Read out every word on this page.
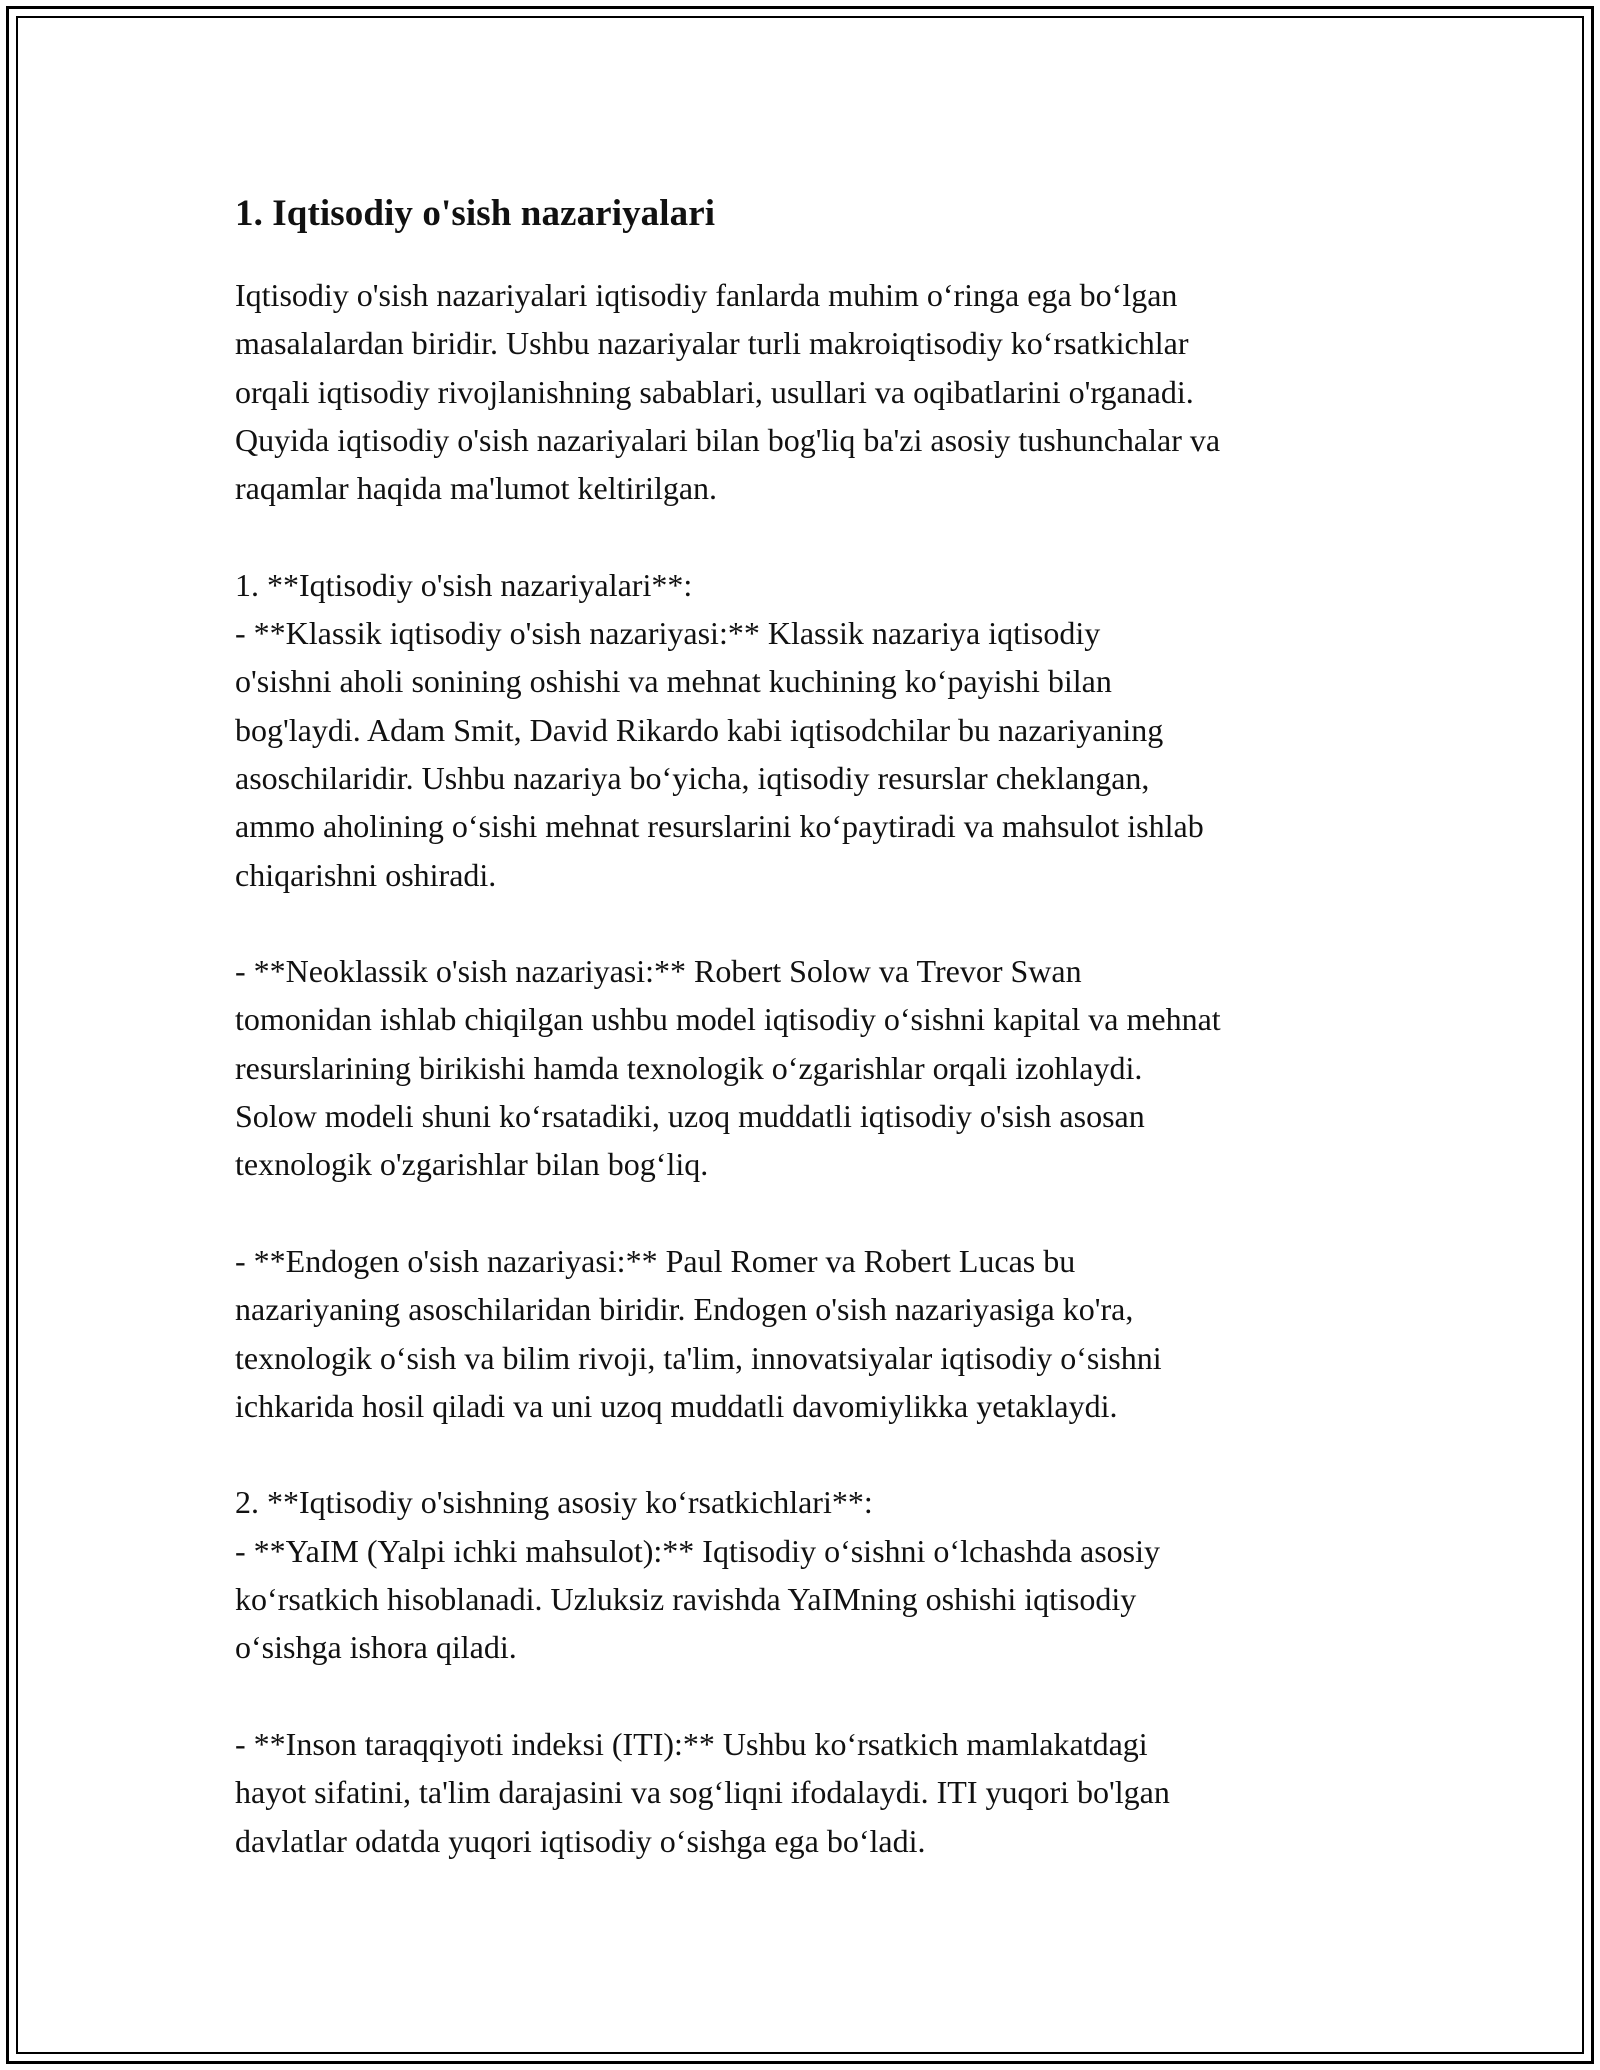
1. Iqtisodiy o'sish nazariyalari

Iqtisodiy o'sish nazariyalari iqtisodiy fanlarda muhim o‘ringa ega bo‘lgan
masalalardan biridir. Ushbu nazariyalar turli makroiqtisodiy ko‘rsatkichlar
orqali iqtisodiy rivojlanishning sabablari, usullari va oqibatlarini o'rganadi.
Quyida iqtisodiy o'sish nazariyalari bilan bog'liq ba'zi asosiy tushunchalar va
raqamlar haqida ma'lumot keltirilgan.

1. **Iqtisodiy o'sish nazariyalari**:
- **Klassik iqtisodiy o'sish nazariyasi:** Klassik nazariya iqtisodiy
o'sishni aholi sonining oshishi va mehnat kuchining ko‘payishi bilan
bog'laydi. Adam Smit, David Rikardo kabi iqtisodchilar bu nazariyaning
asoschilaridir. Ushbu nazariya bo‘yicha, iqtisodiy resurslar cheklangan,
ammo aholining o‘sishi mehnat resurslarini ko‘paytiradi va mahsulot ishlab
chiqarishni oshiradi.

- **Neoklassik o'sish nazariyasi:** Robert Solow va Trevor Swan
tomonidan ishlab chiqilgan ushbu model iqtisodiy o‘sishni kapital va mehnat
resurslarining birikishi hamda texnologik o‘zgarishlar orqali izohlaydi.
Solow modeli shuni ko‘rsatadiki, uzoq muddatli iqtisodiy o'sish asosan
texnologik o'zgarishlar bilan bog‘liq.

- **Endogen o'sish nazariyasi:** Paul Romer va Robert Lucas bu
nazariyaning asoschilaridan biridir. Endogen o'sish nazariyasiga ko'ra,
texnologik o‘sish va bilim rivoji, ta'lim, innovatsiyalar iqtisodiy o‘sishni
ichkarida hosil qiladi va uni uzoq muddatli davomiylikka yetaklaydi.

2. **Iqtisodiy o'sishning asosiy ko‘rsatkichlari**:
- **YaIM (Yalpi ichki mahsulot):** Iqtisodiy o‘sishni o‘lchashda asosiy
ko‘rsatkich hisoblanadi. Uzluksiz ravishda YaIMning oshishi iqtisodiy
o‘sishga ishora qiladi.

- **Inson taraqqiyoti indeksi (ITI):** Ushbu ko‘rsatkich mamlakatdagi
hayot sifatini, ta'lim darajasini va sog‘liqni ifodalaydi. ITI yuqori bo'lgan
davlatlar odatda yuqori iqtisodiy o‘sishga ega bo‘ladi.
